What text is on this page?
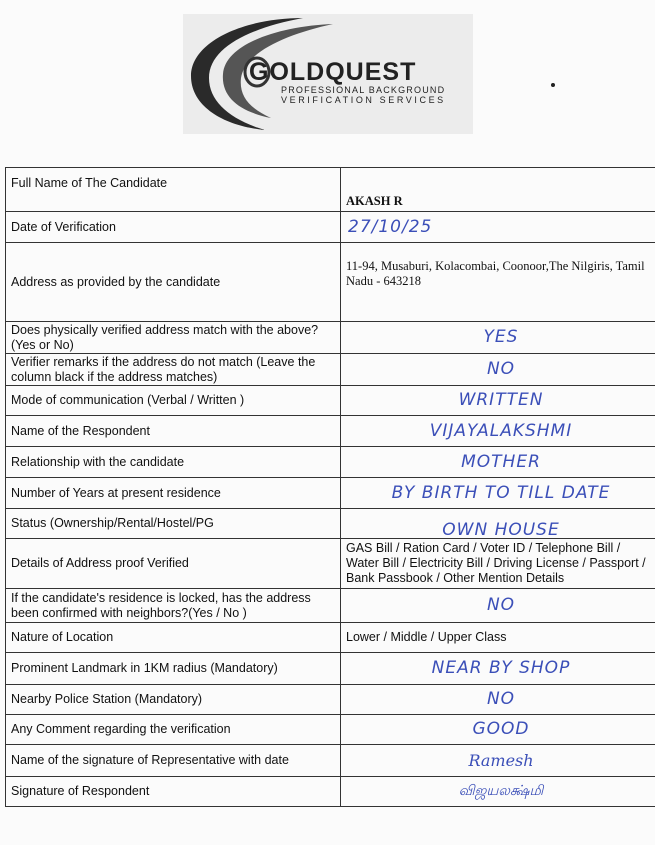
GOLDQUEST
PROFESSIONAL BACKGROUND
VERIFICATION SERVICES
Full Name of The Candidate	AKASH R
Date of Verification	27/10/25

Address as provided by the candidate	11-94, Musaburi, Kolacombai, Coonoor,The Nilgiris, Tamil Nadu - 643218
Does physically verified address match with the above? (Yes or No)	YES

Verifier remarks if the address do not match (Leave the column black if the address matches)	NO

Mode of communication (Verbal / Written )	WRITTEN

Name of the Respondent	VIJAYALAKSHMI

Relationship with the candidate	MOTHER

Number of Years at present residence	BY BIRTH TO TILL DATE

Status (Ownership/Rental/Hostel/PG	OWN HOUSE

Details of Address proof Verified	GAS Bill / Ration Card / Voter ID / Telephone Bill / Water Bill / Electricity Bill / Driving License / Passport / Bank Passbook / Other Mention Details
If the candidate's residence is locked, has the address been confirmed with neighbors?(Yes / No )	NO

Nature of Location	Lower / Middle / Upper Class
Prominent Landmark in 1KM radius (Mandatory)	NEAR BY SHOP

Nearby Police Station (Mandatory)	NO

Any Comment regarding the verification	GOOD

Name of the signature of Representative with date	Ramesh

Signature of Respondent	விஜயலக்ஷ்மி
